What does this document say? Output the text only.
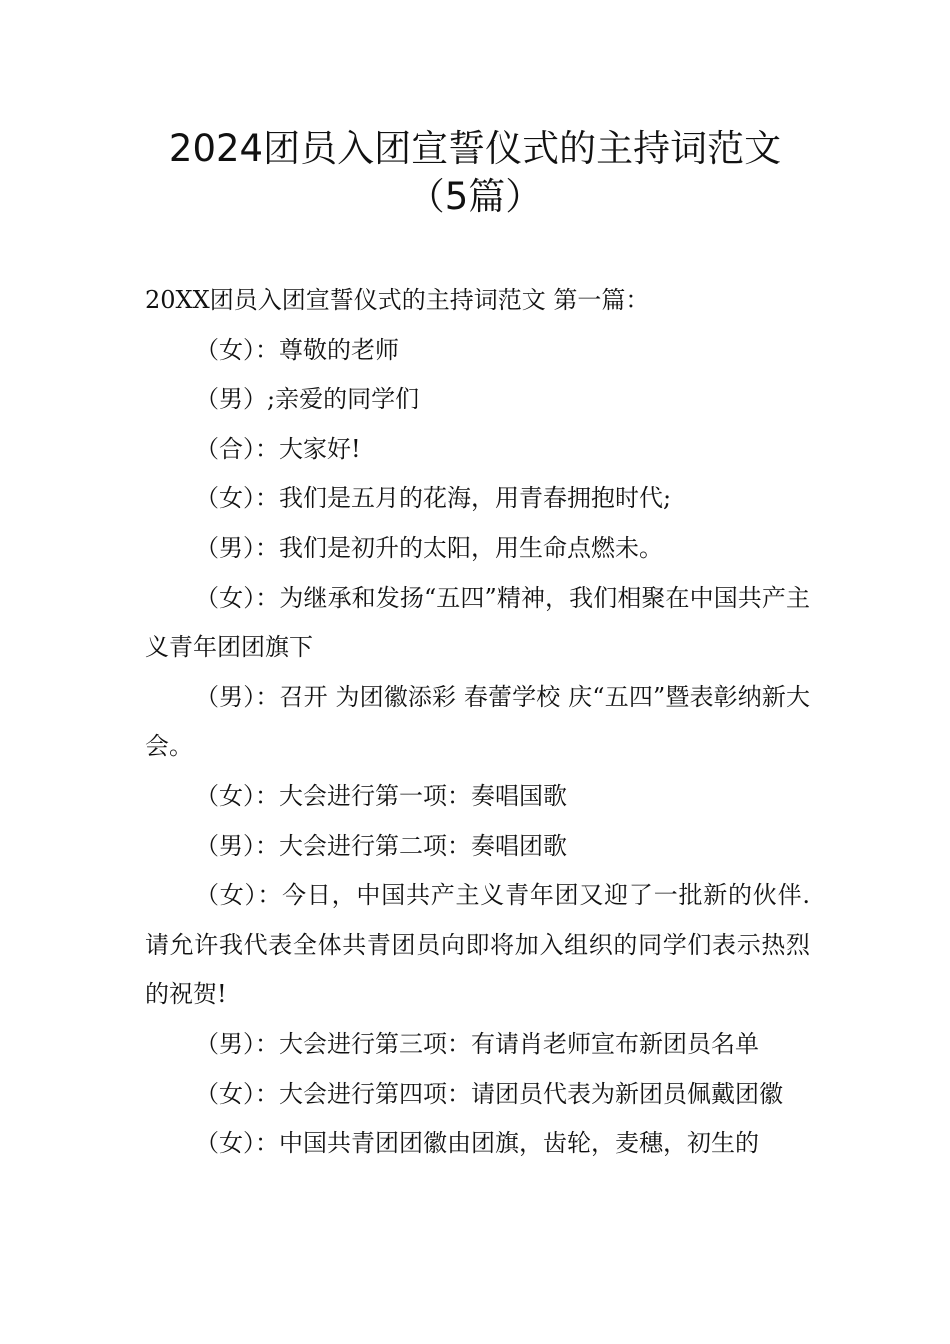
2024团员入团宣誓仪式的主持词范文
（5篇）

20XX团员入团宣誓仪式的主持词范文 第一篇：

（女）：尊敬的老师

（男）;亲爱的同学们

（合）：大家好!

（女）：我们是五月的花海，用青春拥抱时代;

（男）：我们是初升的太阳，用生命点燃未。

（女）：为继承和发扬“五四”精神，我们相聚在中国共产主义青年团团旗下

（男）：召开 为团徽添彩 春蕾学校 庆“五四”暨表彰纳新大会。

（女）：大会进行第一项：奏唱国歌

（男）：大会进行第二项：奏唱团歌

（女）：今日，中国共产主义青年团又迎了一批新的伙伴.请允许我代表全体共青团员向即将加入组织的同学们表示热烈的祝贺!

（男）：大会进行第三项：有请肖老师宣布新团员名单

（女）：大会进行第四项：请团员代表为新团员佩戴团徽

（女）：中国共青团团徽由团旗，齿轮，麦穗，初生的
